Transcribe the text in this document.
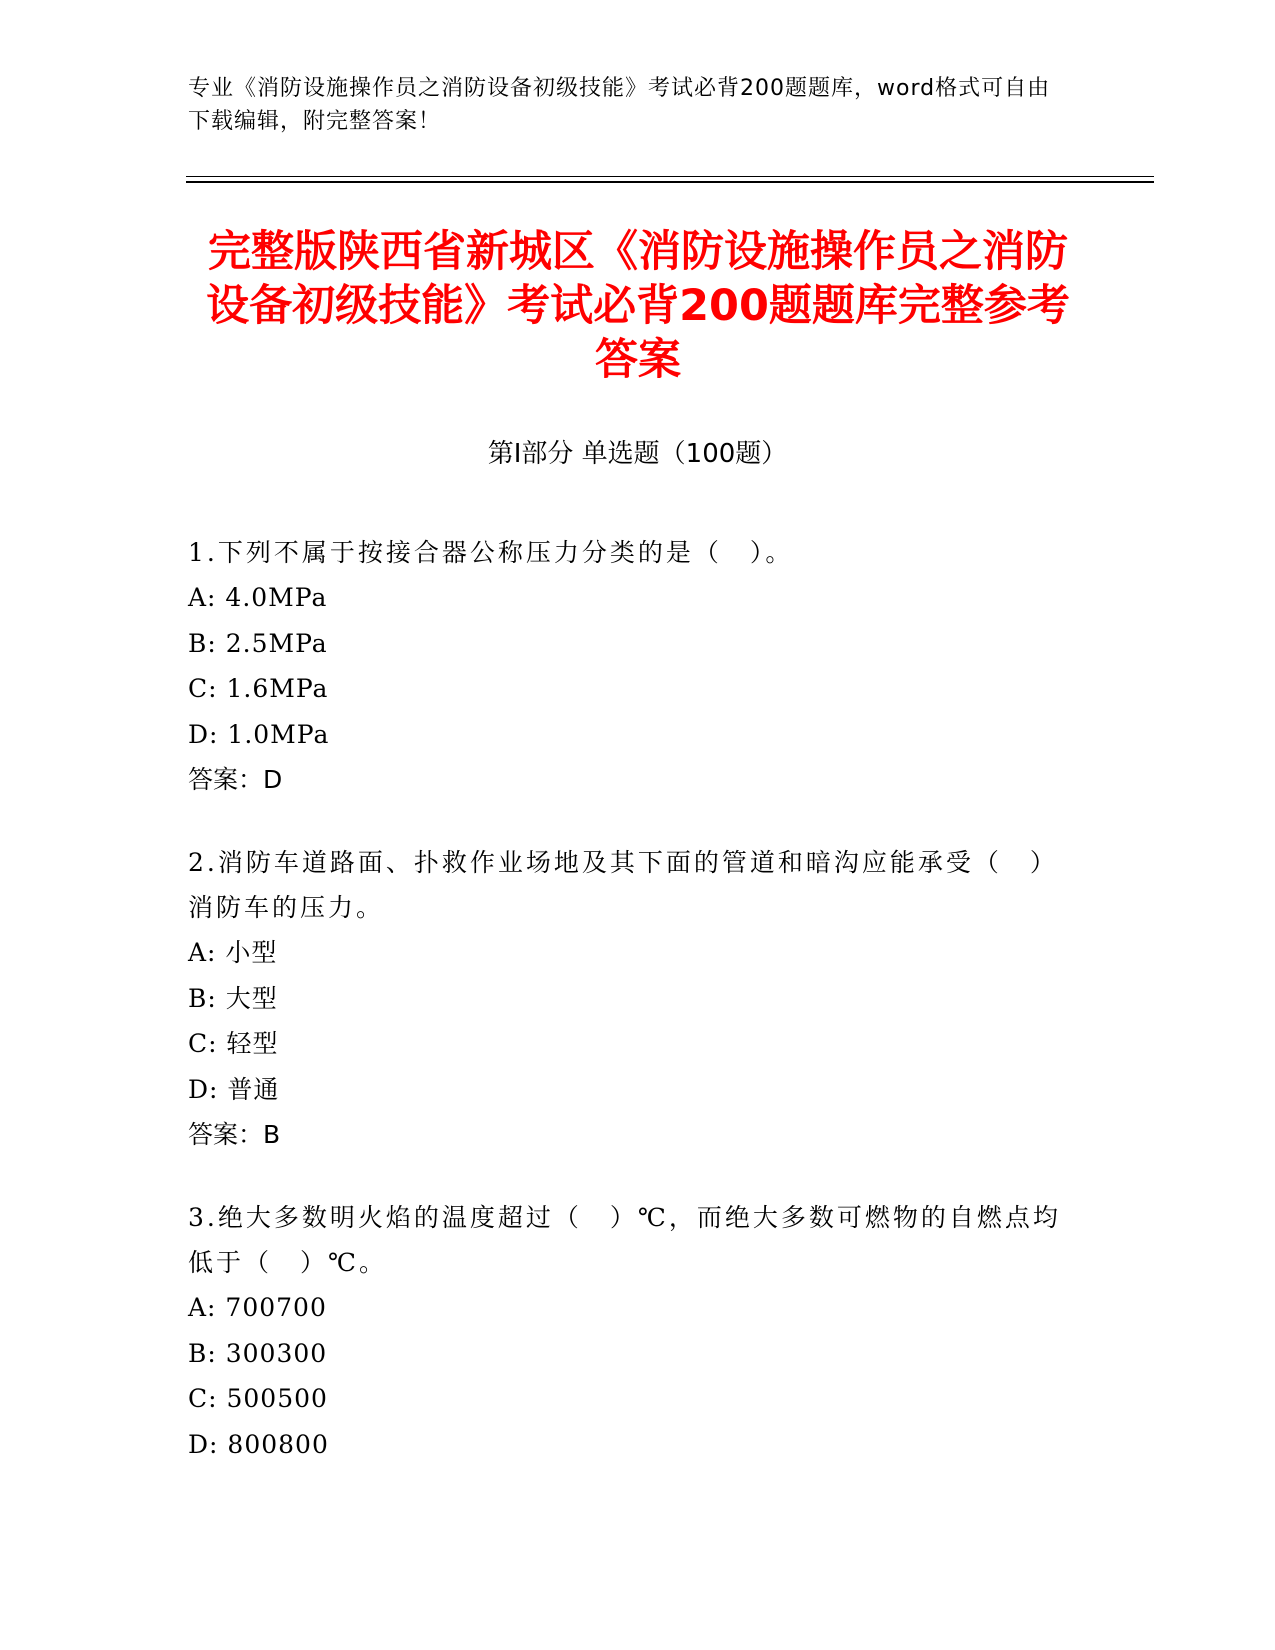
专业《消防设施操作员之消防设备初级技能》考试必背200题题库，word格式可自由下载编辑，附完整答案！
完整版陕西省新城区《消防设施操作员之消防设备初级技能》考试必背200题题库完整参考答案
第Ⅰ部分 单选题（100题）
1.下列不属于按接合器公称压力分类的是（　）。
A: 4.0MPa
B: 2.5MPa
C: 1.6MPa
D: 1.0MPa
答案：D
2.消防车道路面、扑救作业场地及其下面的管道和暗沟应能承受（　）消防车的压力。
A: 小型
B: 大型
C: 轻型
D: 普通
答案：B
3.绝大多数明火焰的温度超过（　）℃，而绝大多数可燃物的自燃点均低于（　）℃。
A: 700700
B: 300300
C: 500500
D: 800800
